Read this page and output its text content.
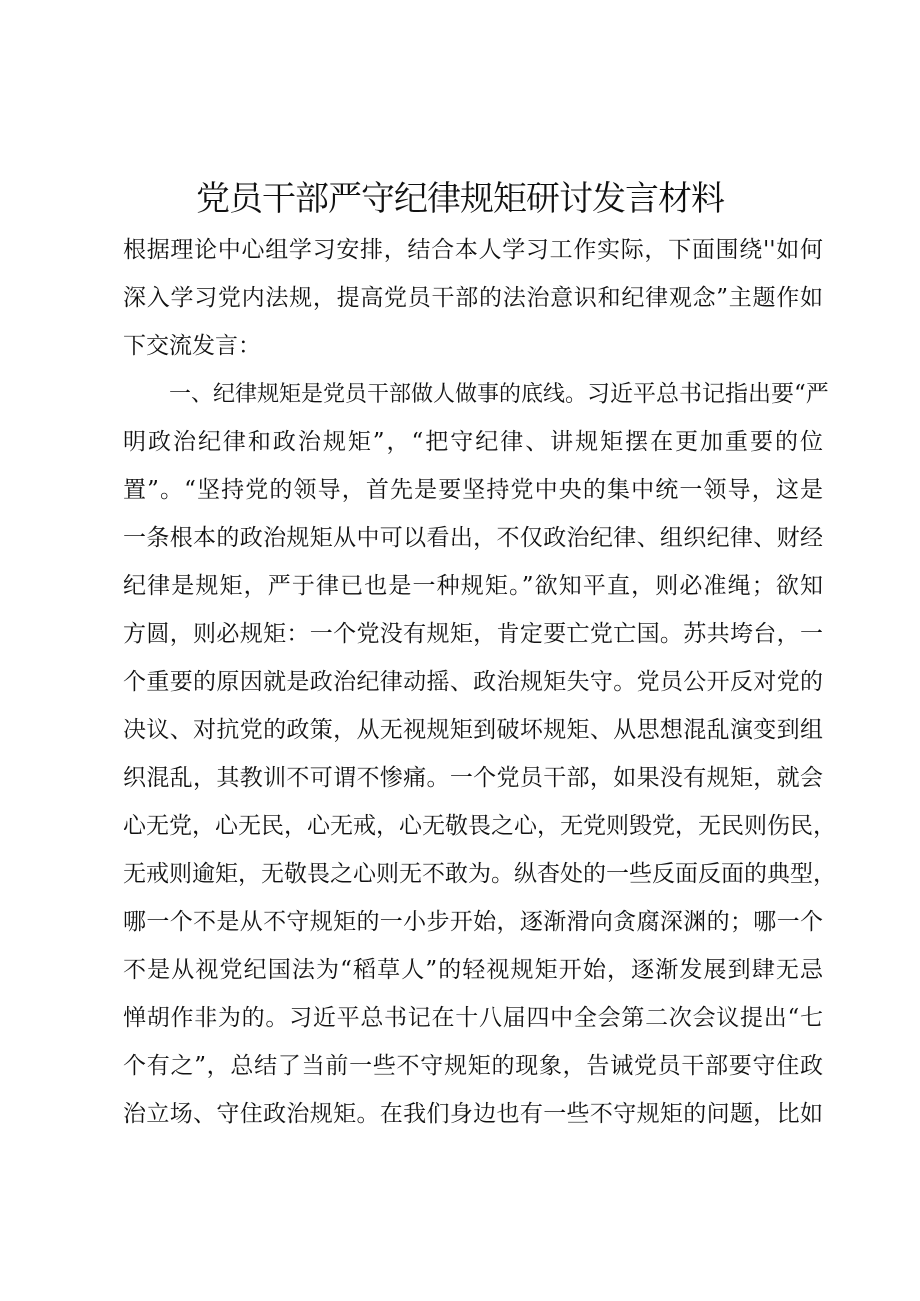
党员干部严守纪律规矩研讨发言材料
根据理论中心组学习安排，结合本人学习工作实际，下面围绕''如何
深入学习党内法规，提高党员干部的法治意识和纪律观念”主题作如
下交流发言：
一、纪律规矩是党员干部做人做事的底线。习近平总书记指出要“严
明政治纪律和政治规矩”，“把守纪律、讲规矩摆在更加重要的位
置”。“坚持党的领导，首先是要坚持党中央的集中统一领导，这是
一条根本的政治规矩从中可以看出，不仅政治纪律、组织纪律、财经
纪律是规矩，严于律已也是一种规矩。”欲知平直，则必准绳；欲知
方圆，则必规矩：一个党没有规矩，肯定要亡党亡国。苏共垮台，一
个重要的原因就是政治纪律动摇、政治规矩失守。党员公开反对党的
决议、对抗党的政策，从无视规矩到破坏规矩、从思想混乱演变到组
织混乱，其教训不可谓不惨痛。一个党员干部，如果没有规矩，就会
心无党，心无民，心无戒，心无敬畏之心，无党则毁党，无民则伤民，
无戒则逾矩，无敬畏之心则无不敢为。纵杳处的一些反面反面的典型，
哪一个不是从不守规矩的一小步开始，逐渐滑向贪腐深渊的；哪一个
不是从视党纪国法为“稻草人”的轻视规矩开始，逐渐发展到肆无忌
惮胡作非为的。习近平总书记在十八届四中全会第二次会议提出“七
个有之”，总结了当前一些不守规矩的现象，告诫党员干部要守住政
治立场、守住政治规矩。在我们身边也有一些不守规矩的问题，比如
